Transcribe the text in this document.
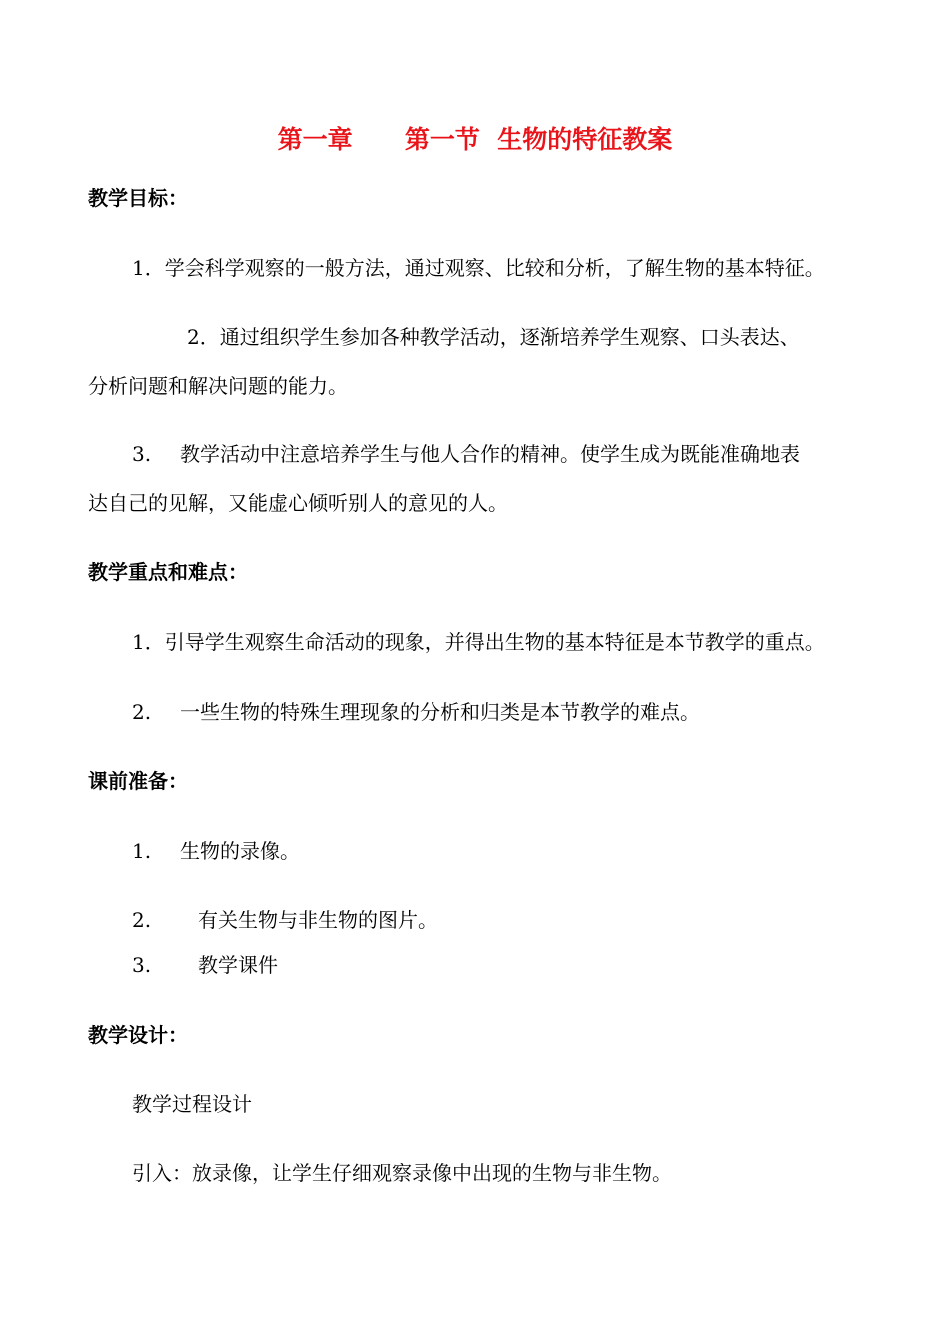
第一章      第一节  生物的特征教案
教学目标：
1．学会科学观察的一般方法，通过观察、比较和分析，了解生物的基本特征。
2．通过组织学生参加各种教学活动，逐渐培养学生观察、口头表达、
分析问题和解决问题的能力。
3. 教学活动中注意培养学生与他人合作的精神。使学生成为既能准确地表
达自己的见解，又能虚心倾听别人的意见的人。
教学重点和难点：
1．引导学生观察生命活动的现象，并得出生物的基本特征是本节教学的重点。
2. 一些生物的特殊生理现象的分析和归类是本节教学的难点。
课前准备：
1. 生物的录像。
2. 有关生物与非生物的图片。
3. 教学课件
教学设计：
教学过程设计
引入：放录像，让学生仔细观察录像中出现的生物与非生物。
